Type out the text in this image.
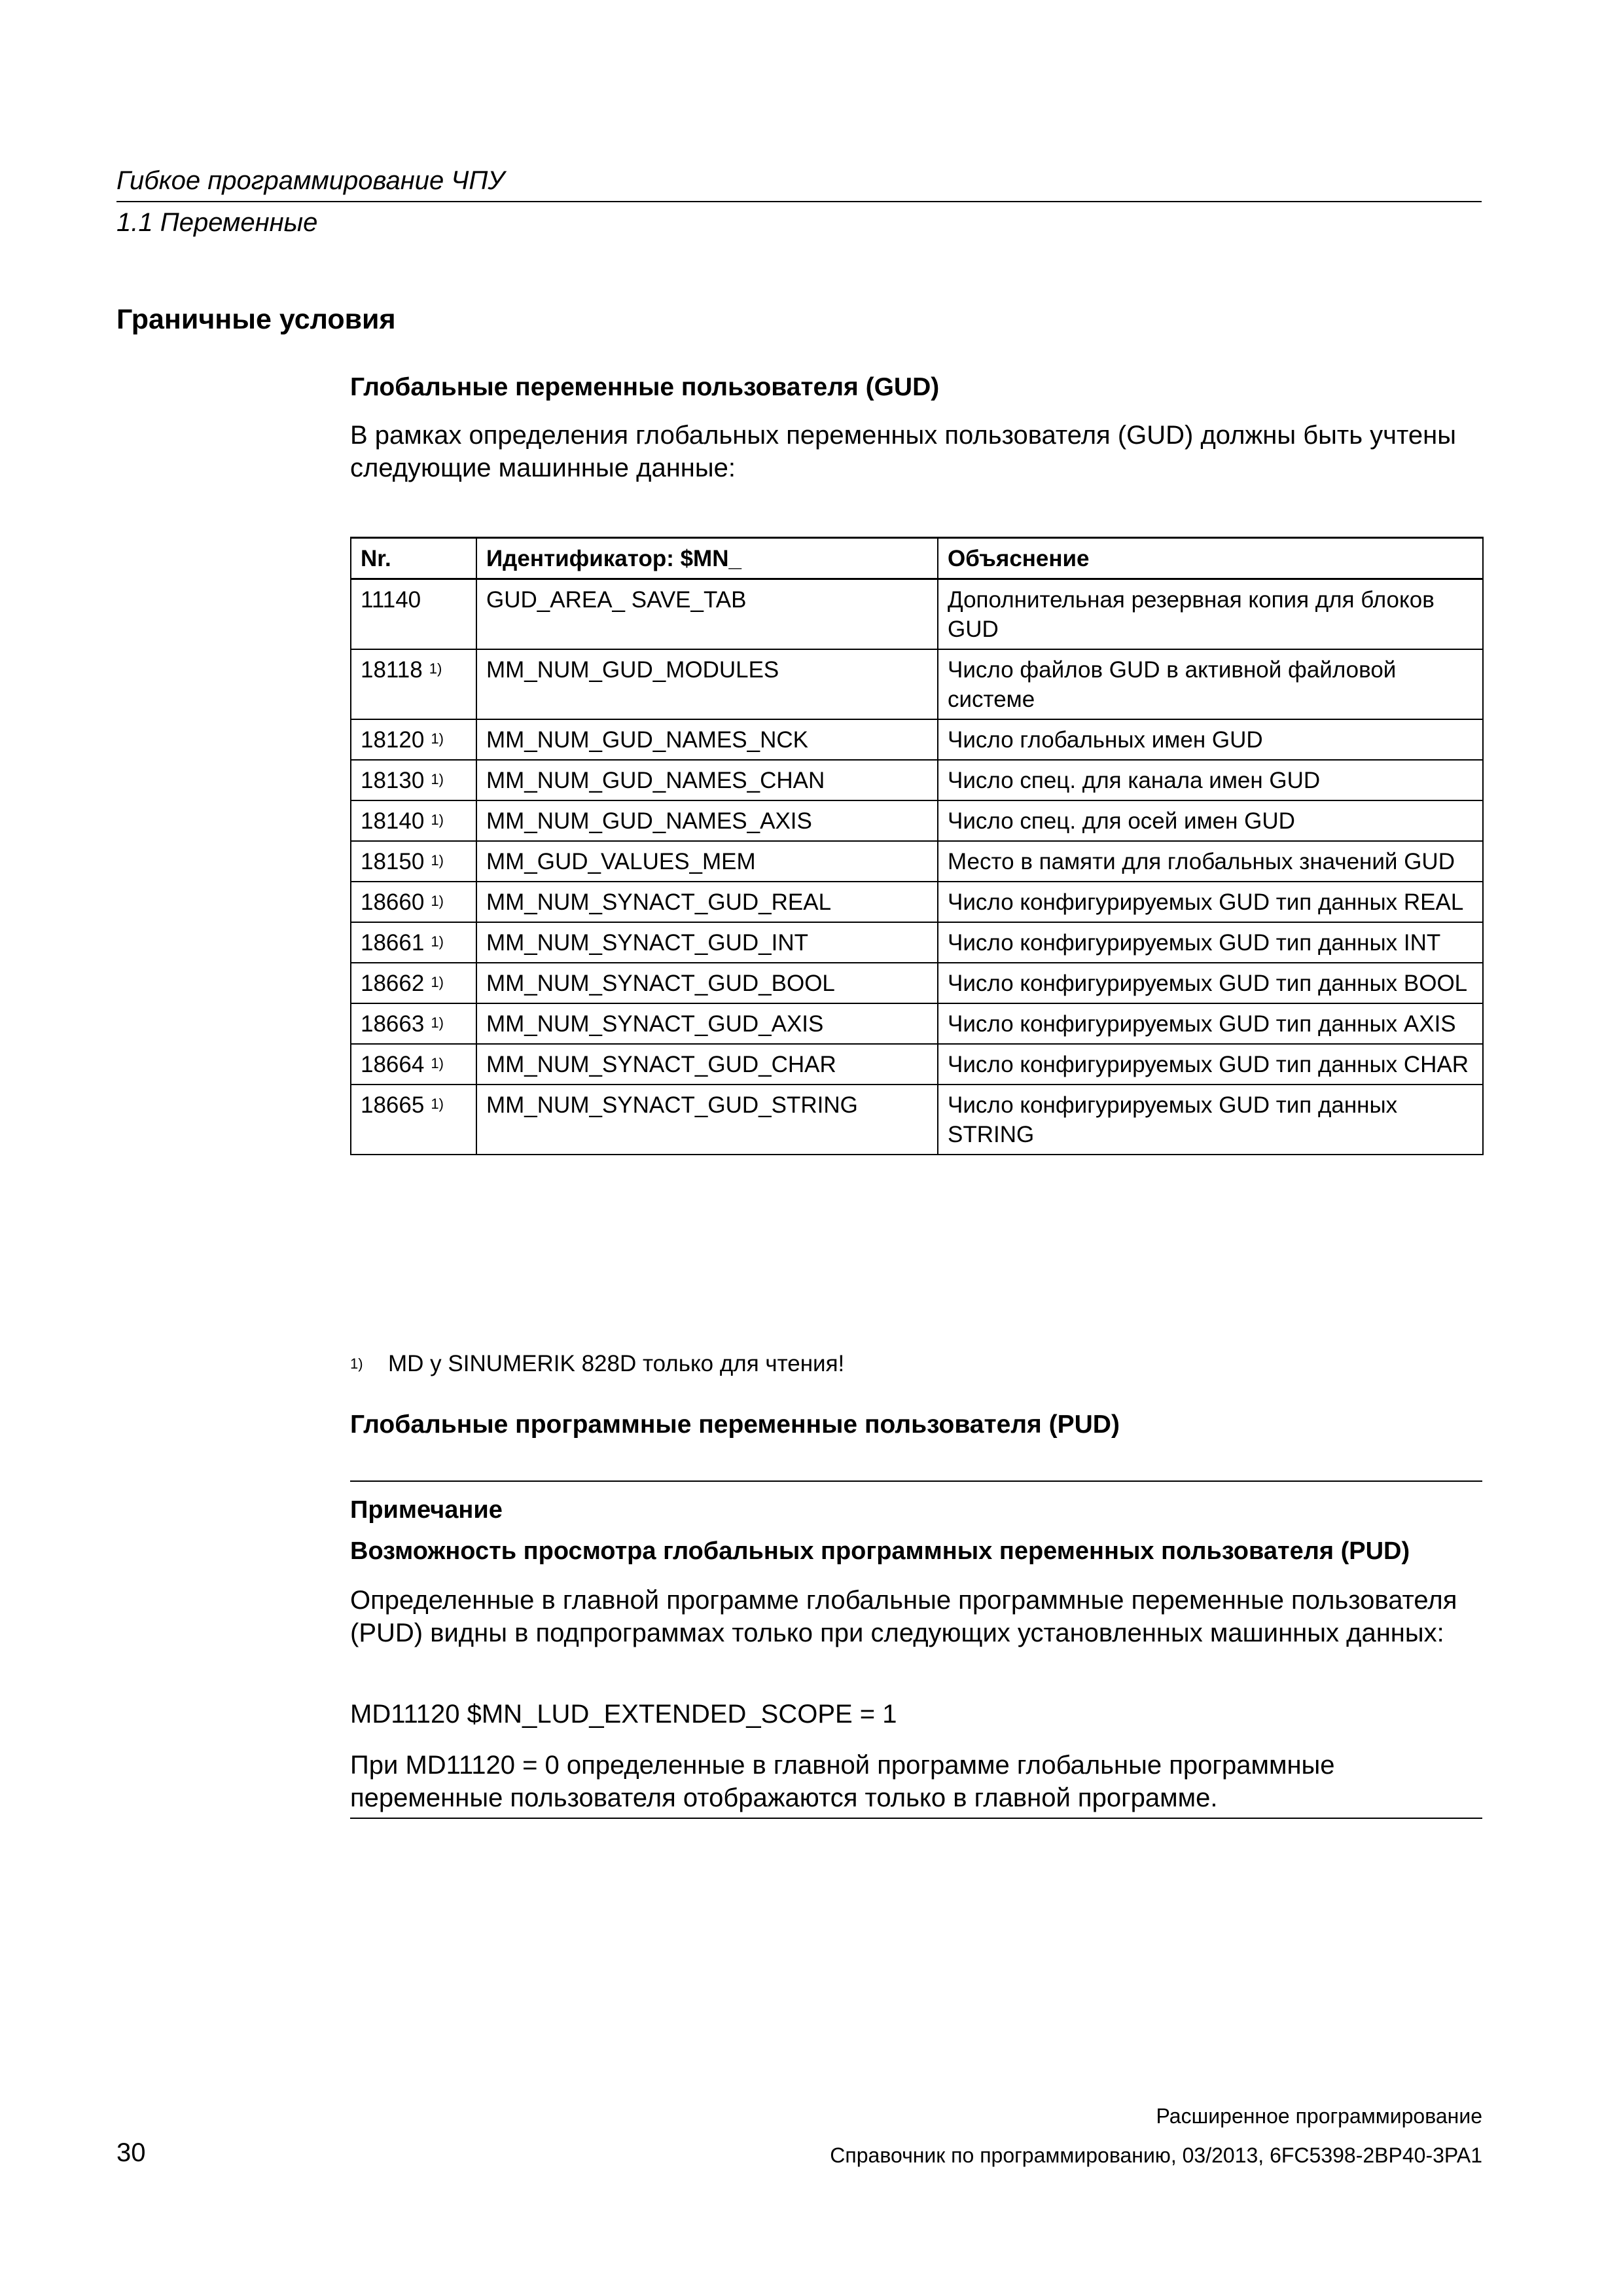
Гибкое программирование ЧПУ
1.1 Переменные
Граничные условия
Глобальные переменные пользователя (GUD)
В рамках определения глобальных переменных пользователя (GUD) должны быть учтены следующие машинные данные:
Nr.	Идентификатор: $MN_	Объяснение
11140	GUD_AREA_ SAVE_TAB	Дополнительная резервная копия для блоков GUD
18118 $^{1)}$	MM_NUM_GUD_MODULES	Число файлов GUD в активной файловой системе
18120 $^{1)}$	MM_NUM_GUD_NAMES_NCK	Число глобальных имен GUD
18130 $^{1)}$	MM_NUM_GUD_NAMES_CHAN	Число спец. для канала имен GUD
18140 $^{1)}$	MM_NUM_GUD_NAMES_AXIS	Число спец. для осей имен GUD
18150 $^{1)}$	MM_GUD_VALUES_MEM	Место в памяти для глобальных значений GUD
18660 $^{1)}$	MM_NUM_SYNACT_GUD_REAL	Число конфигурируемых GUD тип данных REAL
18661 $^{1)}$	MM_NUM_SYNACT_GUD_INT	Число конфигурируемых GUD тип данных INT
18662 $^{1)}$	MM_NUM_SYNACT_GUD_BOOL	Число конфигурируемых GUD тип данных BOOL
18663 $^{1)}$	MM_NUM_SYNACT_GUD_AXIS	Число конфигурируемых GUD тип данных AXIS
18664 $^{1)}$	MM_NUM_SYNACT_GUD_CHAR	Число конфигурируемых GUD тип данных CHAR
18665 $^{1)}$	MM_NUM_SYNACT_GUD_STRING	Число конфигурируемых GUD тип данных STRING
1) MD у SINUMERIK 828D только для чтения!
Глобальные программные переменные пользователя (PUD)
Примечание
Возможность просмотра глобальных программных переменных пользователя (PUD)
Определенные в главной программе глобальные программные переменные пользователя (PUD) видны в подпрограммах только при следующих установленных машинных данных:
MD11120 $MN_LUD_EXTENDED_SCOPE = 1
При MD11120 = 0 определенные в главной программе глобальные программные переменные пользователя отображаются только в главной программе.
Расширенное программирование
30	Справочник по программированию, 03/2013, 6FC5398-2BP40-3PA1
